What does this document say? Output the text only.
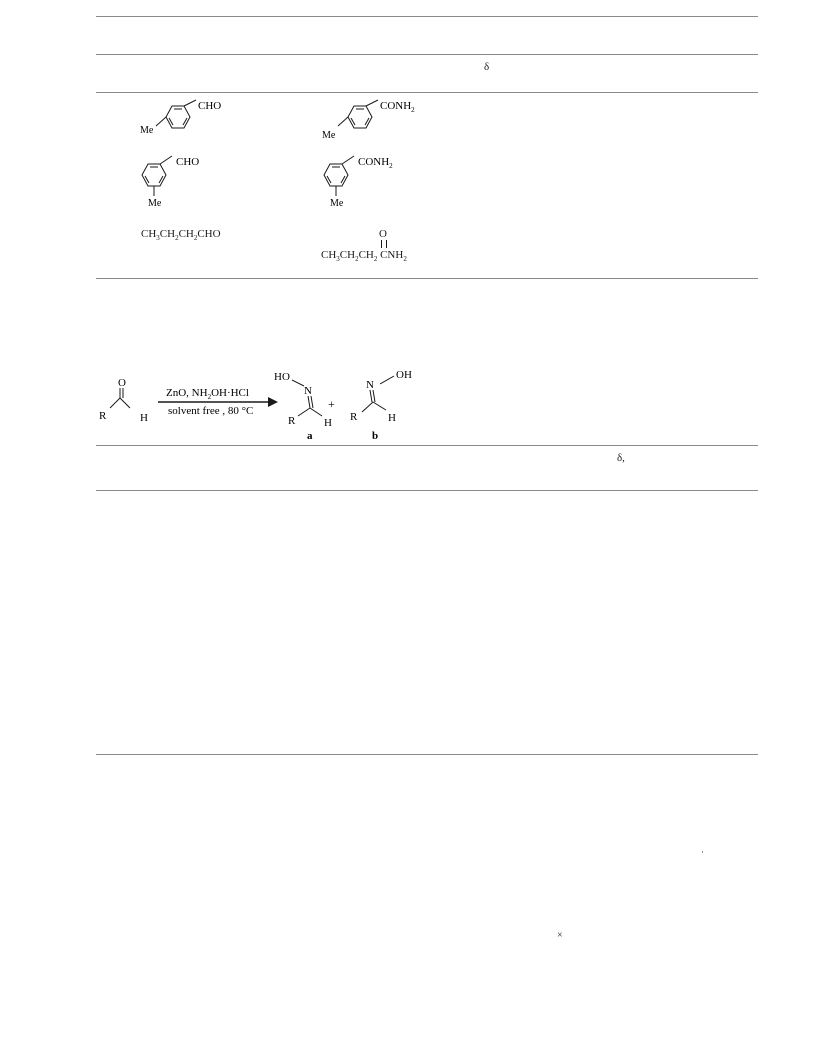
δ
CHO
Me
$CONH_2$
Me
CHO
Me
$CONH_2$
Me
$CH_3CH_2CH_2CHO$	O
$CH_3CH_2CH_2$ $CNH_2$
O
R	H
ZnO, $NH_2OH\cdot HCl$
solvent free , 80 °C
HO
N
R	H
a
+
OH
N
R	H
b
δ,
·
×
